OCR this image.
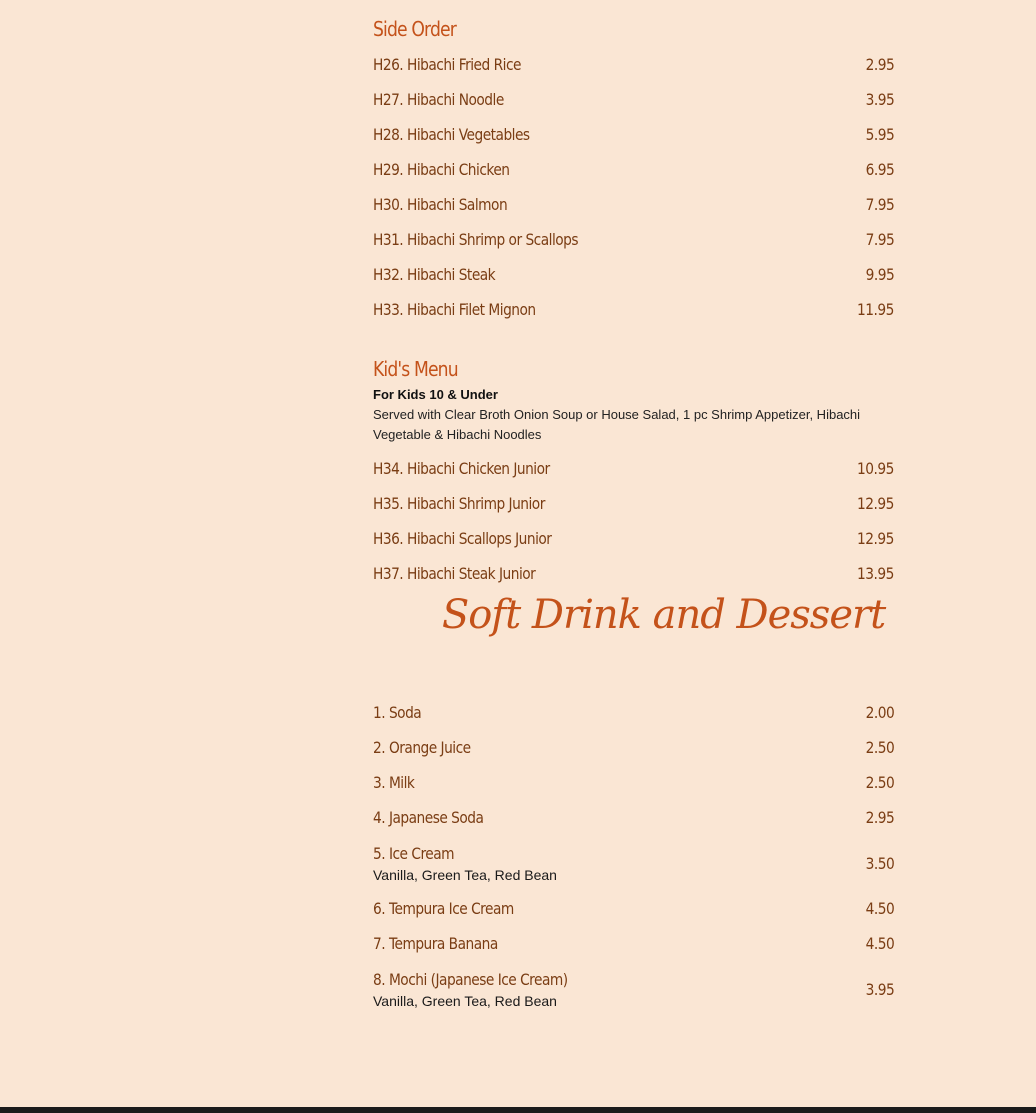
Side Order
H26. Hibachi Fried Rice	2.95
H27. Hibachi Noodle	3.95
H28. Hibachi Vegetables	5.95
H29. Hibachi Chicken	6.95
H30. Hibachi Salmon	7.95
H31. Hibachi Shrimp or Scallops	7.95
H32. Hibachi Steak	9.95
H33. Hibachi Filet Mignon	11.95
Kid's Menu
For Kids 10 & Under
Served with Clear Broth Onion Soup or House Salad, 1 pc Shrimp Appetizer, Hibachi Vegetable & Hibachi Noodles
H34. Hibachi Chicken Junior	10.95
H35. Hibachi Shrimp Junior	12.95
H36. Hibachi Scallops Junior	12.95
H37. Hibachi Steak Junior	13.95
Soft Drink and Dessert
1. Soda	2.00
2. Orange Juice	2.50
3. Milk	2.50
4. Japanese Soda	2.95
5. Ice Cream
Vanilla, Green Tea, Red Bean
3.50
6. Tempura Ice Cream	4.50
7. Tempura Banana	4.50
8. Mochi (Japanese Ice Cream)
Vanilla, Green Tea, Red Bean
3.95
